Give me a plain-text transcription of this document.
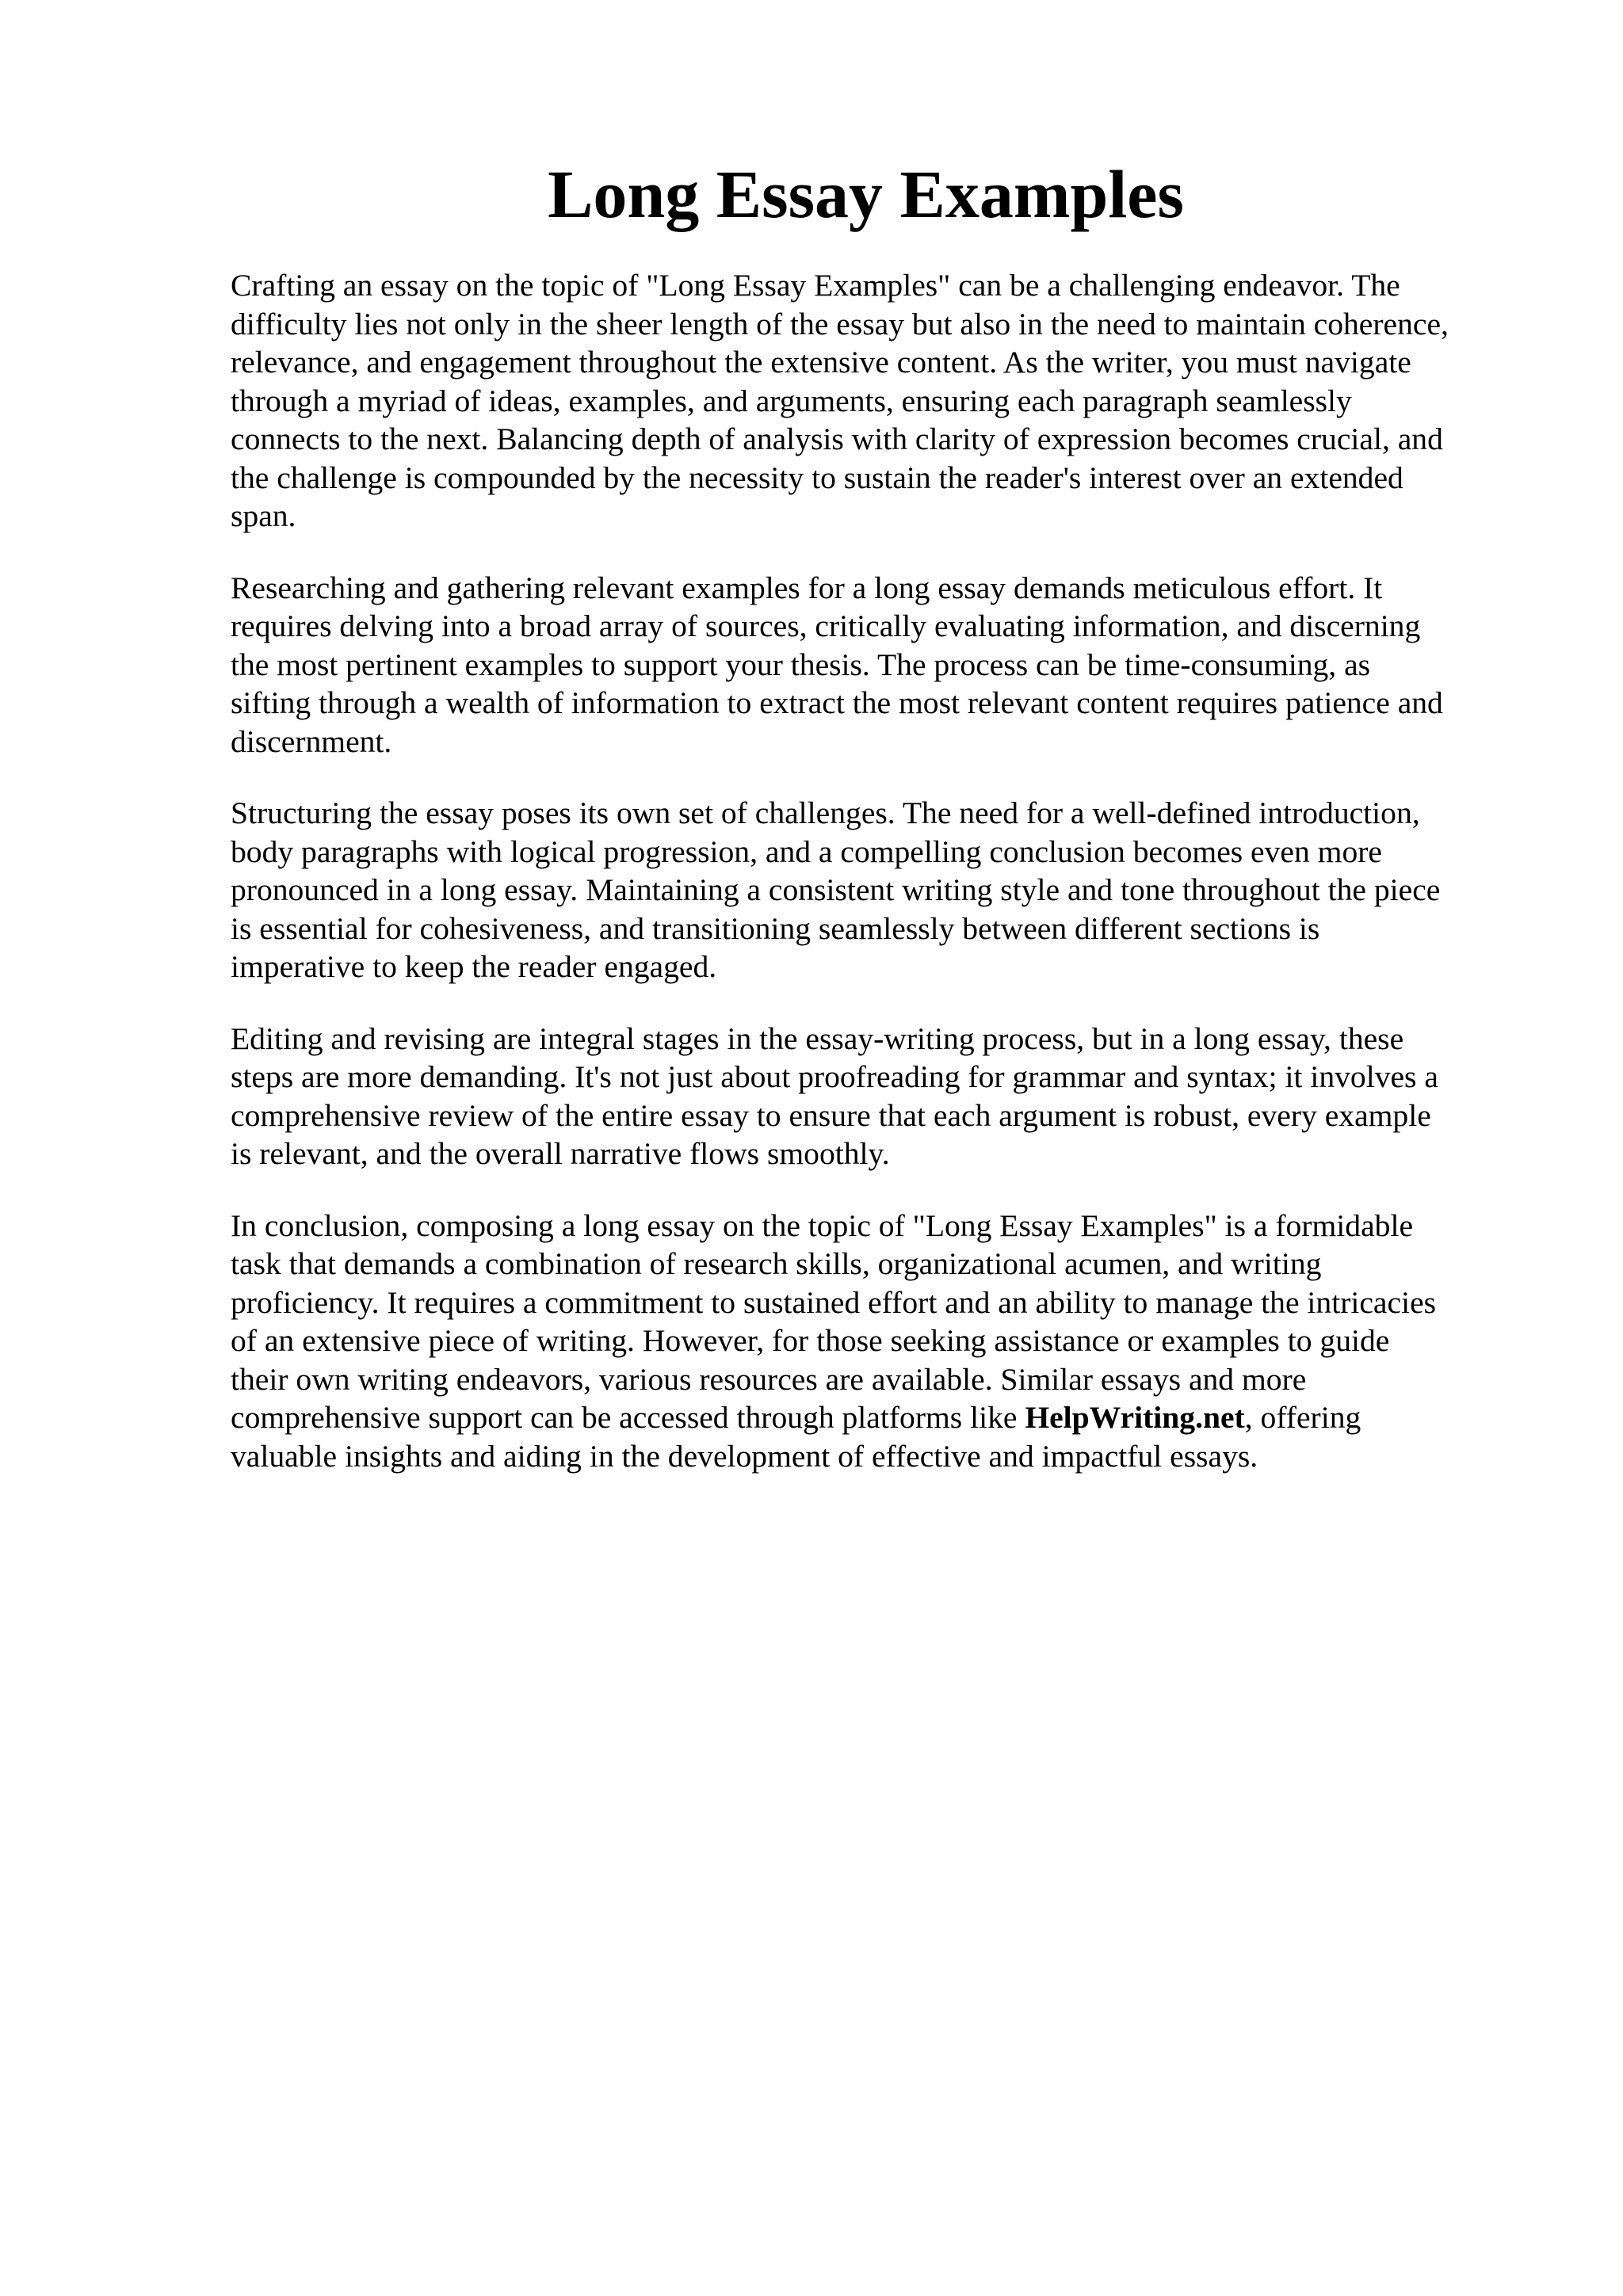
Long Essay Examples

Crafting an essay on the topic of "Long Essay Examples" can be a challenging endeavor. The
difficulty lies not only in the sheer length of the essay but also in the need to maintain coherence,
relevance, and engagement throughout the extensive content. As the writer, you must navigate
through a myriad of ideas, examples, and arguments, ensuring each paragraph seamlessly
connects to the next. Balancing depth of analysis with clarity of expression becomes crucial, and
the challenge is compounded by the necessity to sustain the reader's interest over an extended
span.

Researching and gathering relevant examples for a long essay demands meticulous effort. It
requires delving into a broad array of sources, critically evaluating information, and discerning
the most pertinent examples to support your thesis. The process can be time-consuming, as
sifting through a wealth of information to extract the most relevant content requires patience and
discernment.

Structuring the essay poses its own set of challenges. The need for a well-defined introduction,
body paragraphs with logical progression, and a compelling conclusion becomes even more
pronounced in a long essay. Maintaining a consistent writing style and tone throughout the piece
is essential for cohesiveness, and transitioning seamlessly between different sections is
imperative to keep the reader engaged.

Editing and revising are integral stages in the essay-writing process, but in a long essay, these
steps are more demanding. It's not just about proofreading for grammar and syntax; it involves a
comprehensive review of the entire essay to ensure that each argument is robust, every example
is relevant, and the overall narrative flows smoothly.

In conclusion, composing a long essay on the topic of "Long Essay Examples" is a formidable
task that demands a combination of research skills, organizational acumen, and writing
proficiency. It requires a commitment to sustained effort and an ability to manage the intricacies
of an extensive piece of writing. However, for those seeking assistance or examples to guide
their own writing endeavors, various resources are available. Similar essays and more
comprehensive support can be accessed through platforms like HelpWriting.net, offering
valuable insights and aiding in the development of effective and impactful essays.
